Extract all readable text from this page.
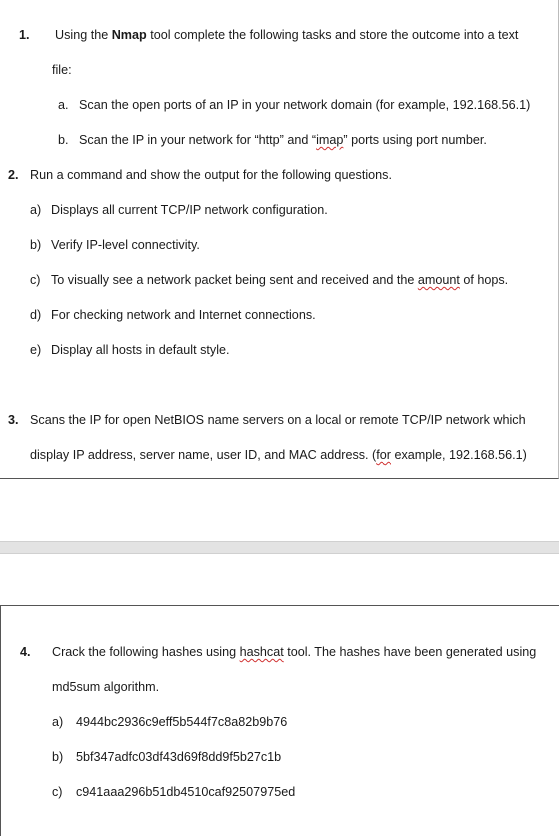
1. Using the Nmap tool complete the following tasks and store the outcome into a text
file:
a. Scan the open ports of an IP in your network domain (for example, 192.168.56.1)
b. Scan the IP in your network for “http” and “imap” ports using port number.
2. Run a command and show the output for the following questions.
a) Displays all current TCP/IP network configuration.
b) Verify IP-level connectivity.
c) To visually see a network packet being sent and received and the amount of hops.
d) For checking network and Internet connections.
e) Display all hosts in default style.
3. Scans the IP for open NetBIOS name servers on a local or remote TCP/IP network which
display IP address, server name, user ID, and MAC address. (for example, 192.168.56.1)
4. Crack the following hashes using hashcat tool. The hashes have been generated using
md5sum algorithm.
a) 4944bc2936c9eff5b544f7c8a82b9b76
b) 5bf347adfc03df43d69f8dd9f5b27c1b
c) c941aaa296b51db4510caf92507975ed
